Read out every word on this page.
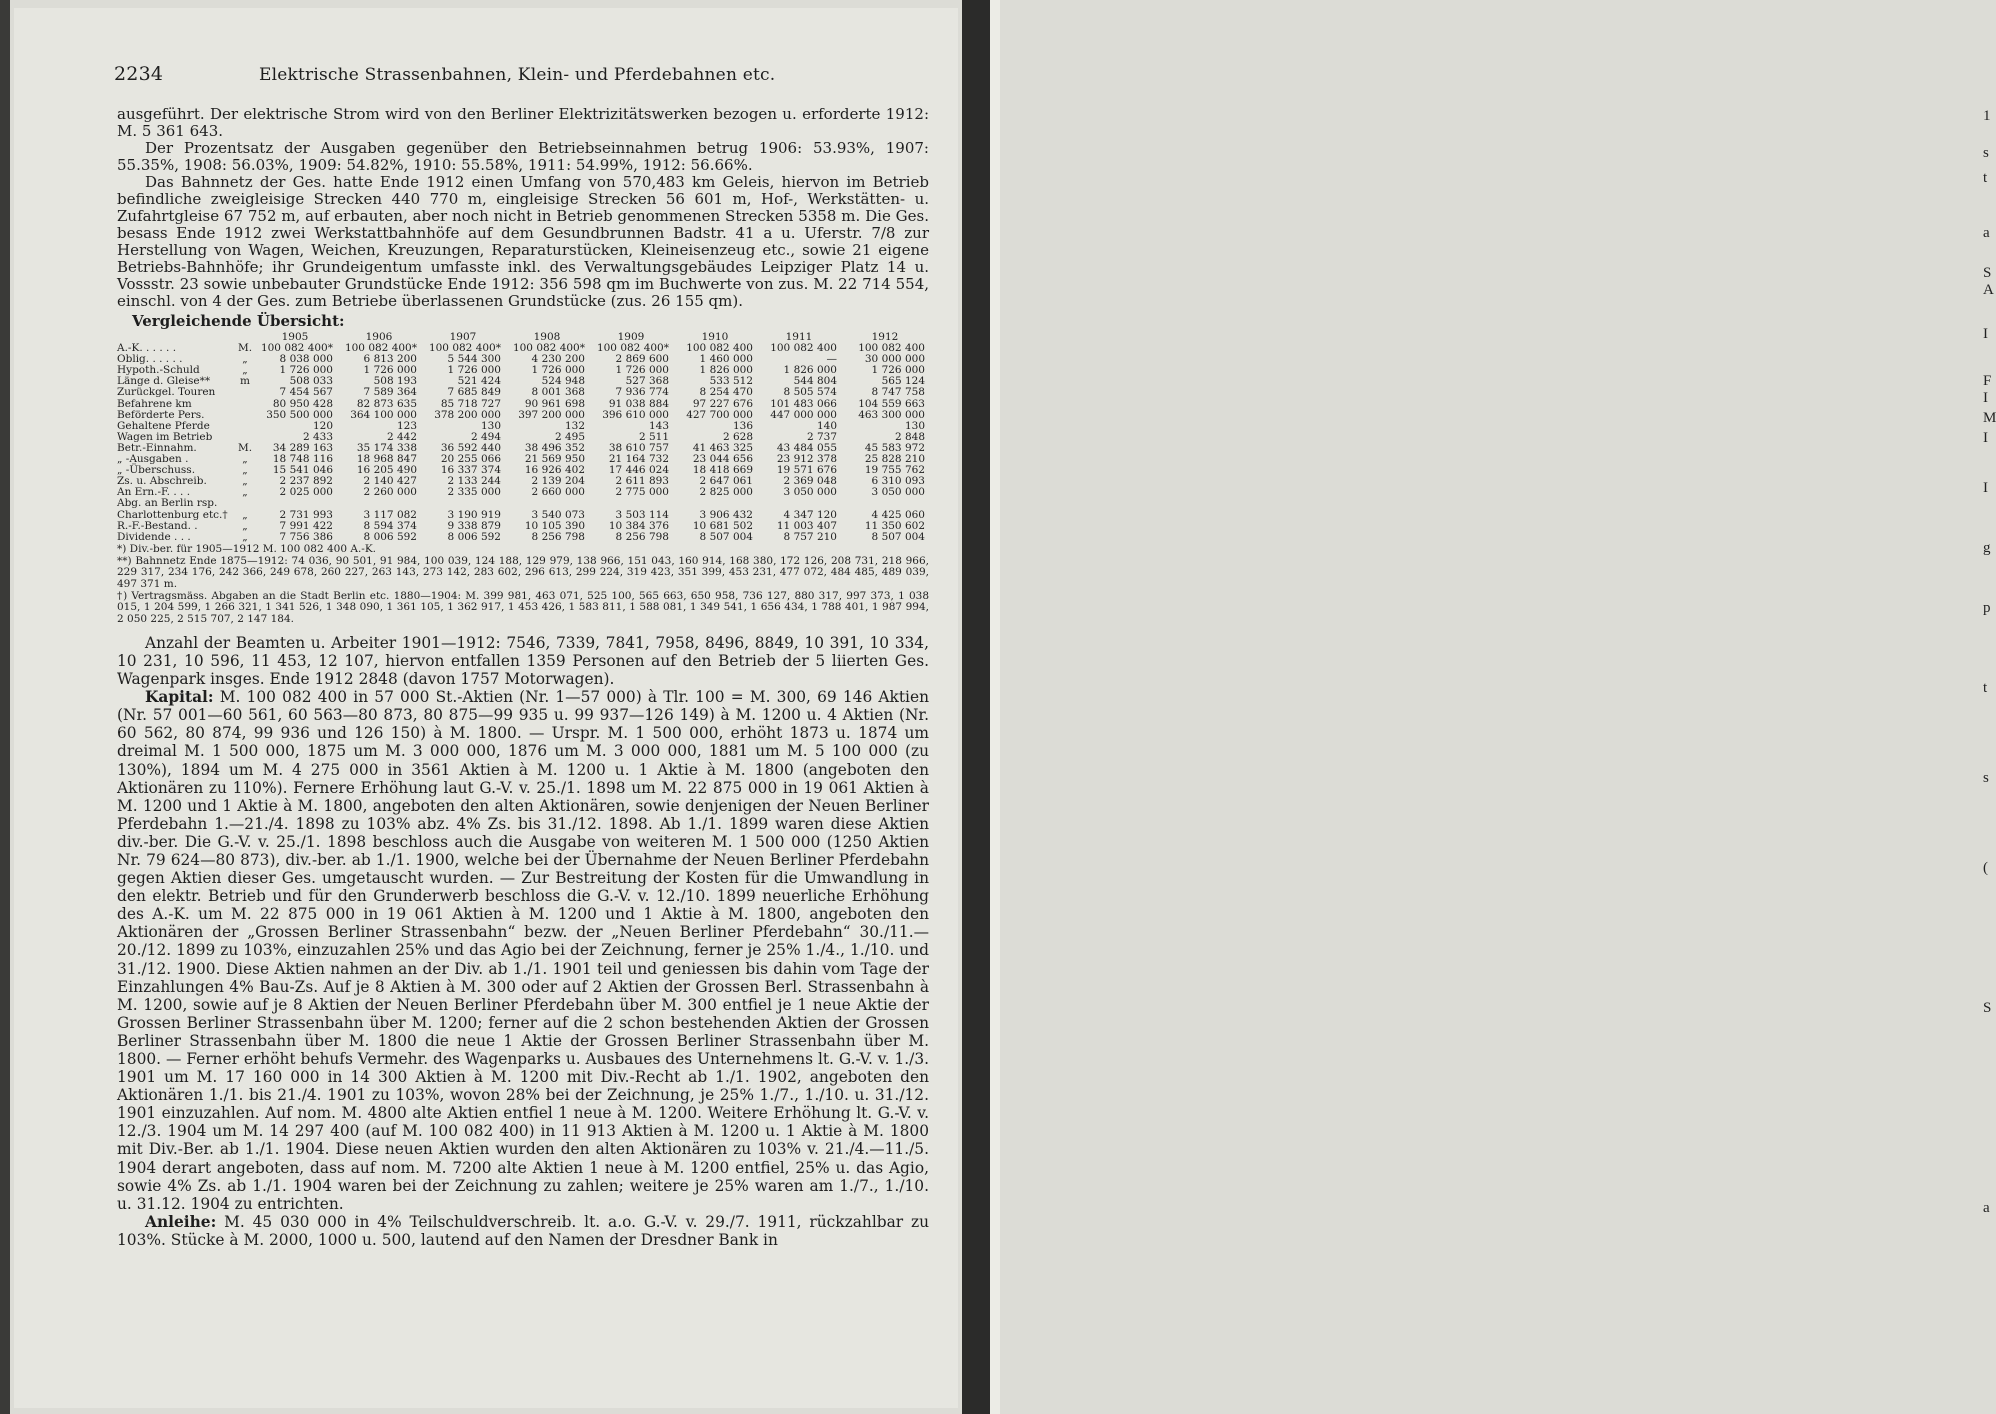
1
s
t
a
S
A
I
F
I
M
I
I
g
p
t
s
(
S
a
2234	Elektrische Strassenbahnen, Klein- und Pferdebahnen etc.

ausgeführt. Der elektrische Strom wird von den Berliner Elektrizitätswerken bezogen u. erforderte 1912: M. 5 361 643.

Der Prozentsatz der Ausgaben gegenüber den Betriebseinnahmen betrug 1906: 53.93%, 1907: 55.35%, 1908: 56.03%, 1909: 54.82%, 1910: 55.58%, 1911: 54.99%, 1912: 56.66%.

Das Bahnnetz der Ges. hatte Ende 1912 einen Umfang von 570,483 km Geleis, hiervon im Betrieb befindliche zweigleisige Strecken 440 770 m, eingleisige Strecken 56 601 m, Hof-, Werkstätten- u. Zufahrtgleise 67 752 m, auf erbauten, aber noch nicht in Betrieb genommenen Strecken 5358 m. Die Ges. besass Ende 1912 zwei Werkstattbahnhöfe auf dem Gesundbrunnen Badstr. 41 a u. Uferstr. 7/8 zur Herstellung von Wagen, Weichen, Kreuzungen, Reparaturstücken, Kleineisenzeug etc., sowie 21 eigene Betriebs-Bahnhöfe; ihr Grundeigentum umfasste inkl. des Verwaltungsgebäudes Leipziger Platz 14 u. Vossstr. 23 sowie unbebauter Grundstücke Ende 1912: 356 598 qm im Buchwerte von zus. M. 22 714 554, einschl. von 4 der Ges. zum Betriebe überlassenen Grundstücke (zus. 26 155 qm).

Vergleichende Übersicht:
		1905	1906	1907	1908	1909	1910	1911	1912
A.-K. . . . . .	M.	100 082 400*	100 082 400*	100 082 400*	100 082 400*	100 082 400*	100 082 400	100 082 400	100 082 400
Oblig. . . . . .	„	8 038 000	6 813 200	5 544 300	4 230 200	2 869 600	1 460 000	—	30 000 000
Hypoth.-Schuld	„	1 726 000	1 726 000	1 726 000	1 726 000	1 726 000	1 826 000	1 826 000	1 726 000
Länge d. Gleise**	m	508 033	508 193	521 424	524 948	527 368	533 512	544 804	565 124
Zurückgel. Touren		7 454 567	7 589 364	7 685 849	8 001 368	7 936 774	8 254 470	8 505 574	8 747 758
Befahrene km		80 950 428	82 873 635	85 718 727	90 961 698	91 038 884	97 227 676	101 483 066	104 559 663
Beförderte Pers.		350 500 000	364 100 000	378 200 000	397 200 000	396 610 000	427 700 000	447 000 000	463 300 000
Gehaltene Pferde		120	123	130	132	143	136	140	130
Wagen im Betrieb		2 433	2 442	2 494	2 495	2 511	2 628	2 737	2 848
Betr.-Einnahm.	M.	34 289 163	35 174 338	36 592 440	38 496 352	38 610 757	41 463 325	43 484 055	45 583 972
„ -Ausgaben .	„	18 748 116	18 968 847	20 255 066	21 569 950	21 164 732	23 044 656	23 912 378	25 828 210
„ -Überschuss.	„	15 541 046	16 205 490	16 337 374	16 926 402	17 446 024	18 418 669	19 571 676	19 755 762
Zs. u. Abschreib.	„	2 237 892	2 140 427	2 133 244	2 139 204	2 611 893	2 647 061	2 369 048	6 310 093
An Ern.-F. . . .	„	2 025 000	2 260 000	2 335 000	2 660 000	2 775 000	2 825 000	3 050 000	3 050 000
Abg. an Berlin rsp.									
Charlottenburg etc.†	„	2 731 993	3 117 082	3 190 919	3 540 073	3 503 114	3 906 432	4 347 120	4 425 060
R.-F.-Bestand. .	„	7 991 422	8 594 374	9 338 879	10 105 390	10 384 376	10 681 502	11 003 407	11 350 602
Dividende . . .	„	7 756 386	8 006 592	8 006 592	8 256 798	8 256 798	8 507 004	8 757 210	8 507 004

*) Div.-ber. für 1905—1912 M. 100 082 400 A.-K.

**) Bahnnetz Ende 1875—1912: 74 036, 90 501, 91 984, 100 039, 124 188, 129 979, 138 966, 151 043, 160 914, 168 380, 172 126, 208 731, 218 966, 229 317, 234 176, 242 366, 249 678, 260 227, 263 143, 273 142, 283 602, 296 613, 299 224, 319 423, 351 399, 453 231, 477 072, 484 485, 489 039, 497 371 m.

†) Vertragsmäss. Abgaben an die Stadt Berlin etc. 1880—1904: M. 399 981, 463 071, 525 100, 565 663, 650 958, 736 127, 880 317, 997 373, 1 038 015, 1 204 599, 1 266 321, 1 341 526, 1 348 090, 1 361 105, 1 362 917, 1 453 426, 1 583 811, 1 588 081, 1 349 541, 1 656 434, 1 788 401, 1 987 994, 2 050 225, 2 515 707, 2 147 184.

Anzahl der Beamten u. Arbeiter 1901—1912: 7546, 7339, 7841, 7958, 8496, 8849, 10 391, 10 334, 10 231, 10 596, 11 453, 12 107, hiervon entfallen 1359 Personen auf den Betrieb der 5 liierten Ges. Wagenpark insges. Ende 1912 2848 (davon 1757 Motorwagen).

Kapital: M. 100 082 400 in 57 000 St.-Aktien (Nr. 1—57 000) à Tlr. 100 = M. 300, 69 146 Aktien (Nr. 57 001—60 561, 60 563—80 873, 80 875—99 935 u. 99 937—126 149) à M. 1200 u. 4 Aktien (Nr. 60 562, 80 874, 99 936 und 126 150) à M. 1800. — Urspr. M. 1 500 000, erhöht 1873 u. 1874 um dreimal M. 1 500 000, 1875 um M. 3 000 000, 1876 um M. 3 000 000, 1881 um M. 5 100 000 (zu 130%), 1894 um M. 4 275 000 in 3561 Aktien à M. 1200 u. 1 Aktie à M. 1800 (angeboten den Aktionären zu 110%). Fernere Erhöhung laut G.-V. v. 25./1. 1898 um M. 22 875 000 in 19 061 Aktien à M. 1200 und 1 Aktie à M. 1800, angeboten den alten Aktionären, sowie denjenigen der Neuen Berliner Pferdebahn 1.—21./4. 1898 zu 103% abz. 4% Zs. bis 31./12. 1898. Ab 1./1. 1899 waren diese Aktien div.-ber. Die G.-V. v. 25./1. 1898 beschloss auch die Ausgabe von weiteren M. 1 500 000 (1250 Aktien Nr. 79 624—80 873), div.-ber. ab 1./1. 1900, welche bei der Übernahme der Neuen Berliner Pferdebahn gegen Aktien dieser Ges. umgetauscht wurden. — Zur Bestreitung der Kosten für die Umwandlung in den elektr. Betrieb und für den Grunderwerb beschloss die G.-V. v. 12./10. 1899 neuerliche Erhöhung des A.-K. um M. 22 875 000 in 19 061 Aktien à M. 1200 und 1 Aktie à M. 1800, angeboten den Aktionären der „Grossen Berliner Strassenbahn“ bezw. der „Neuen Berliner Pferdebahn“ 30./11.—20./12. 1899 zu 103%, einzuzahlen 25% und das Agio bei der Zeichnung, ferner je 25% 1./4., 1./10. und 31./12. 1900. Diese Aktien nahmen an der Div. ab 1./1. 1901 teil und geniessen bis dahin vom Tage der Einzahlungen 4% Bau-Zs. Auf je 8 Aktien à M. 300 oder auf 2 Aktien der Grossen Berl. Strassenbahn à M. 1200, sowie auf je 8 Aktien der Neuen Berliner Pferdebahn über M. 300 entfiel je 1 neue Aktie der Grossen Berliner Strassenbahn über M. 1200; ferner auf die 2 schon bestehenden Aktien der Grossen Berliner Strassenbahn über M. 1800 die neue 1 Aktie der Grossen Berliner Strassenbahn über M. 1800. — Ferner erhöht behufs Vermehr. des Wagenparks u. Ausbaues des Unternehmens lt. G.-V. v. 1./3. 1901 um M. 17 160 000 in 14 300 Aktien à M. 1200 mit Div.-Recht ab 1./1. 1902, angeboten den Aktionären 1./1. bis 21./4. 1901 zu 103%, wovon 28% bei der Zeichnung, je 25% 1./7., 1./10. u. 31./12. 1901 einzuzahlen. Auf nom. M. 4800 alte Aktien entfiel 1 neue à M. 1200. Weitere Erhöhung lt. G.-V. v. 12./3. 1904 um M. 14 297 400 (auf M. 100 082 400) in 11 913 Aktien à M. 1200 u. 1 Aktie à M. 1800 mit Div.-Ber. ab 1./1. 1904. Diese neuen Aktien wurden den alten Aktionären zu 103% v. 21./4.—11./5. 1904 derart angeboten, dass auf nom. M. 7200 alte Aktien 1 neue à M. 1200 entfiel, 25% u. das Agio, sowie 4% Zs. ab 1./1. 1904 waren bei der Zeichnung zu zahlen; weitere je 25% waren am 1./7., 1./10. u. 31.12. 1904 zu entrichten.

Anleihe: M. 45 030 000 in 4% Teilschuldverschreib. lt. a.o. G.-V. v. 29./7. 1911, rückzahlbar zu 103%. Stücke à M. 2000, 1000 u. 500, lautend auf den Namen der Dresdner Bank in
